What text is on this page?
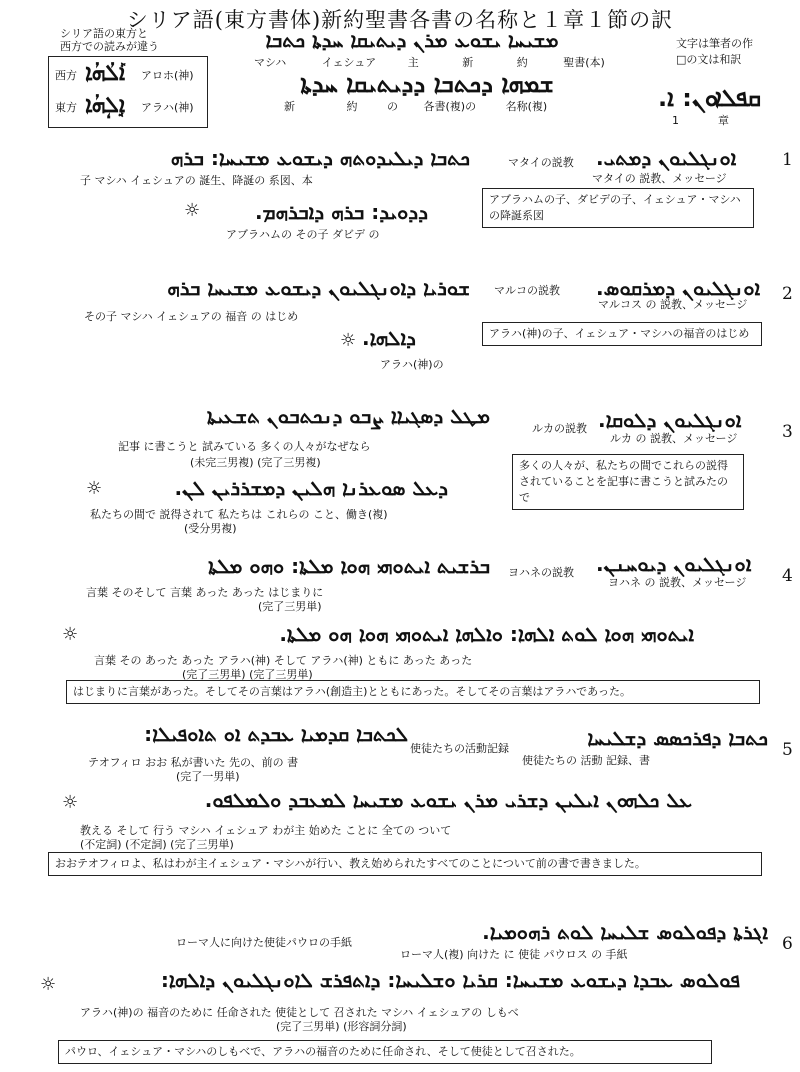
シリア語(東方書体)新約聖書各書の名称と１章１節の訳
シリア語の東方と
西方での読みが違う
西方 ܐܰܠܳܗܳܐ アロホ(神)
東方 ܐܱܠܴܗܳܐ アラハ(神)
文字は筆者の作
□の文は和訳
ܡܫܝܚܐ ܝܫܘܥ ܡܪܢ ܕܝܬܝܩܐ ܚܕܬܐ ܟܬܒܐ
マシハ	イェシュア	主	新	約	聖書(本)
ܫܡܗܐ ܕܟܬܒܐ ܕܕܝܬܝܩܐ ܚܕܬܐ
新	約	の 各書(複)の	名称(複)	ܩܦܠܐܘܢ: ܐ.
1	章
1
ܐܘܢܓܠܝܘܢ ܕܡܬܝ.
マタイの説教
マタイの 説教、メッセージ
ܟܬܒܐ ܕܝܠܝܕܘܬܗ ܕܝܫܘܥ ܡܫܝܚܐ: ܒܪܗ
子 マシハ イェシュアの 誕生、降誕の 系図、本
ܕܕܘܝܕ: ܒܪܗ ܕܐܒܪܗܡ.
☼
アブラハムの その子 ダビデ の
アブラハムの子、ダビデの子、イェシュア・マシハの降誕系図
2
ܐܘܢܓܠܝܘܢ ܕܡܪܩܘܣ.
マルコの説教
マルコス の 説教、メッセージ
ܫܘܪܝܐ ܕܐܘܢܓܠܝܘܢ ܕܝܫܘܥ ܡܫܝܚܐ ܒܪܗ
その子 マシハ イェシュアの 福音 の はじめ
ܕܐܠܗܐ.
☼
アラハ(神)の
アラハ(神)の子、イェシュア・マシハの福音のはじめ
3
ܐܘܢܓܠܝܘܢ ܕܠܘܩܐ.
ルカの説教
ルカ の 説教、メッセージ
ܡܛܠ ܕܣܓܝܐܐ ܨܒܘ ܕܢܟܬܒܘܢ ܬܫܥܝܬܐ
記事 に書こうと 試みている 多くの人々がなぜなら
(未完三男複) (完了三男複)
ܕܥܠ ܣܘܥܪܢܐ ܗܠܝܢ ܕܡܫܪܪܝܢ ܠܢ.
☼
私たちの間で 説得されて 私たちは これらの こと、働き(複)
(受分男複)
多くの人々が、私たちの間でこれらの説得されていることを記事に書こうと試みたので
4
ܐܘܢܓܠܝܘܢ ܕܝܘܚܢܢ.
ヨハネの説教
ヨハネ の 説教、メッセージ
ܒܪܫܝܬ ܐܝܬܘܗܝ ܗܘܐ ܡܠܬܐ: ܘܗܘ ܡܠܬܐ
言葉 そのそして 言葉 あった あった はじまりに
(完了三男単)
ܐܝܬܘܗܝ ܗܘܐ ܠܘܬ ܐܠܗܐ: ܘܐܠܗܐ ܐܝܬܘܗܝ ܗܘܐ ܗܘ ܡܠܬܐ.
☼
言葉 その あった あった アラハ(神) そして アラハ(神) ともに あった あった
(完了三男単) (完了三男単)
はじまりに言葉があった。そしてその言葉はアラハ(創造主)とともにあった。そしてその言葉はアラハであった。
5
ܟܬܒܐ ܕܦܪܟܣܣ ܕܫܠܝܚܐ
使徒たちの活動記録
使徒たちの 活動 記録、書
ܠܟܬܒܐ ܩܕܡܝܐ ܥܒܕܬ ܐܘ ܬܐܘܦܝܠܐ:
テオフィロ おお 私が書いた 先の、前の 書
(完了一男単)
ܥܠ ܟܠܗܘܢ ܐܝܠܝܢ ܕܫܪܝ ܡܪܢ ܝܫܘܥ ܡܫܝܚܐ ܠܡܥܒܕ ܘܠܡܠܦܘ.
☼
教える そして 行う マシハ イェシュア わが主 始めた ことに 全ての ついて
(不定詞) (不定詞) (完了三男単)
おおテオフィロよ、私はわが主イェシュア・マシハが行い、教え始められたすべてのことについて前の書で書きました。
6
ܐܓܪܬܐ ܕܦܘܠܘܣ ܫܠܝܚܐ ܠܘܬ ܪܗܘܡܝܐ.
ローマ人に向けた使徒パウロの手紙
ローマ人(複) 向けた に 使徒 パウロス の 手紙
ܦܘܠܘܣ ܥܒܕܐ ܕܝܫܘܥ ܡܫܝܚܐ: ܩܪܝܐ ܘܫܠܝܚܐ: ܕܐܬܦܪܫ ܠܐܘܢܓܠܝܘܢ ܕܐܠܗܐ:
☼
アラハ(神)の 福音のために 任命された 使徒として 召された マシハ イェシュアの しもべ
(完了三男単) (形容詞分詞)
パウロ、イェシュア・マシハのしもべで、アラハの福音のために任命され、そして使徒として召された。
